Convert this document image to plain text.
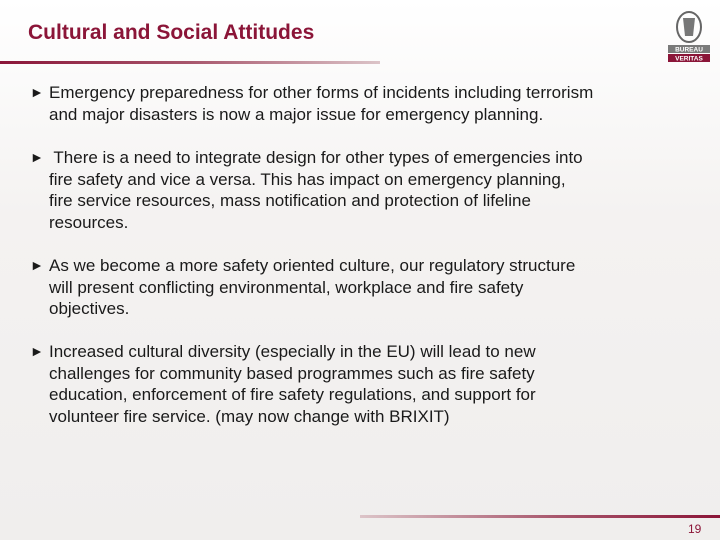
Cultural and Social Attitudes
BUREAU
VERITAS
► Emergency preparedness for other forms of incidents including terrorism
and major disasters is now a major issue for emergency planning.
► There is a need to integrate design for other types of emergencies into
fire safety and vice a versa. This has impact on emergency planning,
fire service resources, mass notification and protection of lifeline
resources.
► As we become a more safety oriented culture, our regulatory structure
will present conflicting environmental, workplace and fire safety
objectives.
► Increased cultural diversity (especially in the EU) will lead to new
challenges for community based programmes such as fire safety
education, enforcement of fire safety regulations, and support for
volunteer fire service. (may now change with BRIXIT)
19
